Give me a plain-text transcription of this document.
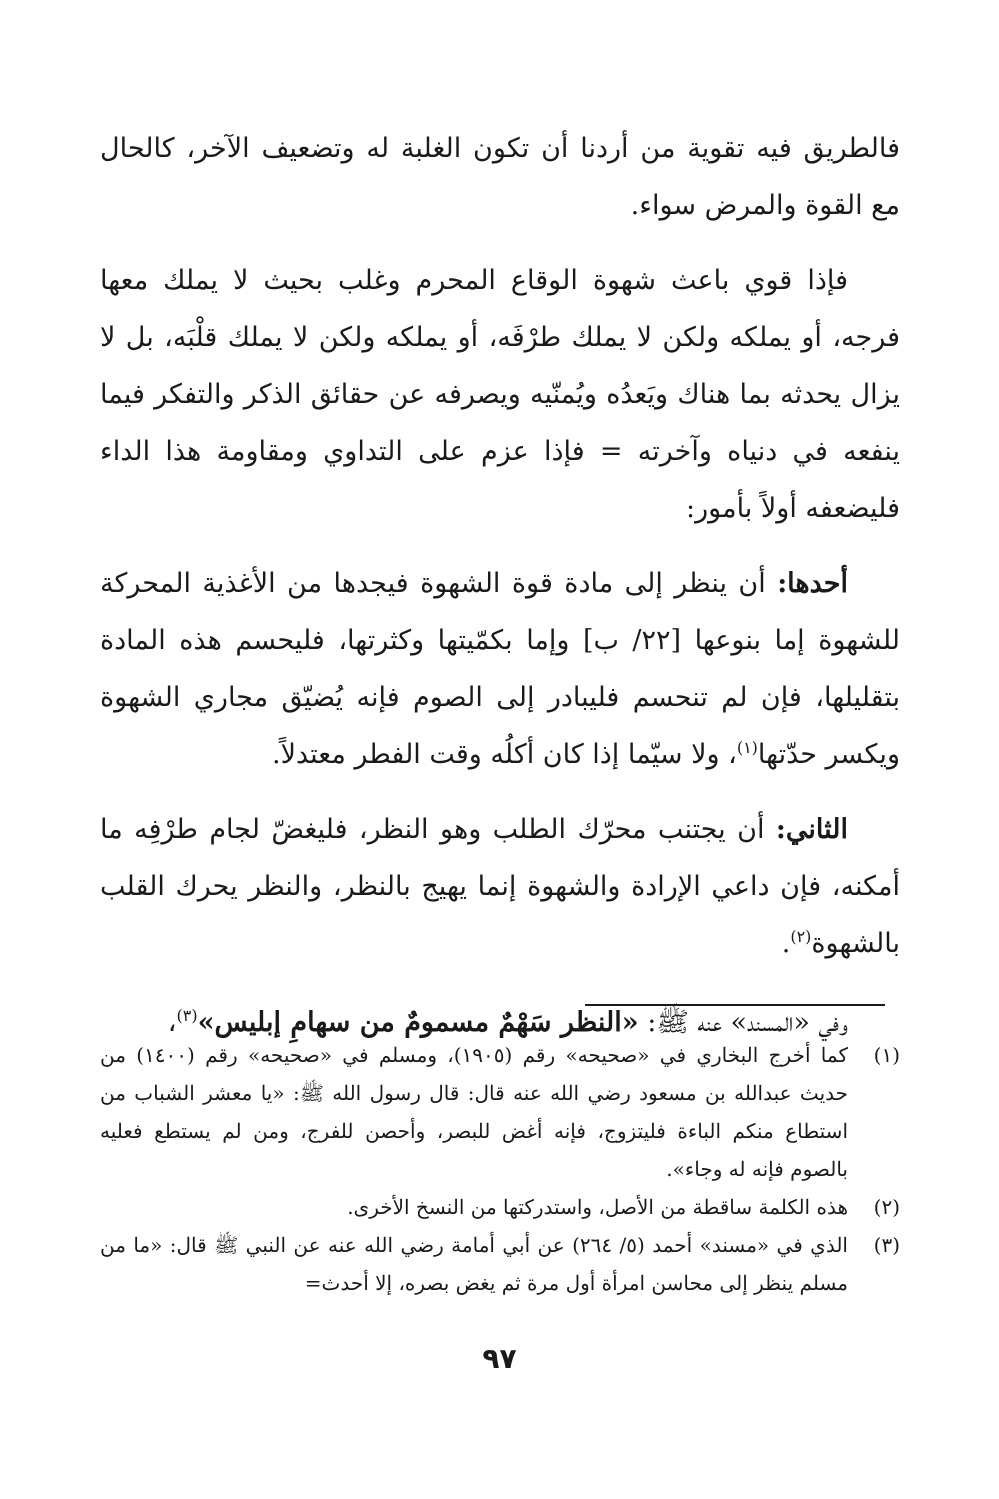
فالطريق فيه تقوية من أردنا أن تكون الغلبة له وتضعيف الآخر، كالحال مع القوة والمرض سواء.

فإذا قوي باعث شهوة الوقاع المحرم وغلب بحيث لا يملك معها فرجه، أو يملكه ولكن لا يملك طرْفَه، أو يملكه ولكن لا يملك قلْبَه، بل لا يزال يحدثه بما هناك ويَعدُه ويُمنّيه ويصرفه عن حقائق الذكر والتفكر فيما ينفعه في دنياه وآخرته = فإذا عزم على التداوي ومقاومة هذا الداء فليضعفه أولاً بأمور:

أحدها: أن ينظر إلى مادة قوة الشهوة فيجدها من الأغذية المحركة للشهوة إما بنوعها [٢٢/ ب] وإما بكمّيتها وكثرتها، فليحسم هذه المادة بتقليلها، فإن لم تنحسم فليبادر إلى الصوم فإنه يُضيّق مجاري الشهوة ويكسر حدّتها$^{(١)}$، ولا سيّما إذا كان أكلُه وقت الفطر معتدلاً.

الثاني: أن يجتنب محرّك الطلب وهو النظر، فليغضّ لجام طرْفِه ما أمكنه، فإن داعي الإرادة والشهوة إنما يهيج بالنظر، والنظر يحرك القلب بالشهوة$^{(٢)}$.

وفي «المسند» عنه ﷺ: «النظر سَهْمٌ مسمومٌ من سهامِ إبليس»$^{(٣)}$،

(١)
كما أخرج البخاري في «صحيحه» رقم (١٩٠٥)، ومسلم في «صحيحه» رقم (١٤٠٠) من حديث عبدالله بن مسعود رضي الله عنه قال: قال رسول الله ﷺ: «يا معشر الشباب من استطاع منكم الباءة فليتزوج، فإنه أغض للبصر، وأحصن للفرج، ومن لم يستطع فعليه بالصوم فإنه له وجاء».
(٢)
هذه الكلمة ساقطة من الأصل، واستدركتها من النسخ الأخرى.
(٣)
الذي في «مسند» أحمد (٥/ ٢٦٤) عن أبي أمامة رضي الله عنه عن النبي ﷺ قال: «ما من مسلم ينظر إلى محاسن امرأة أول مرة ثم يغض بصره، إلا أحدث=
٩٧
